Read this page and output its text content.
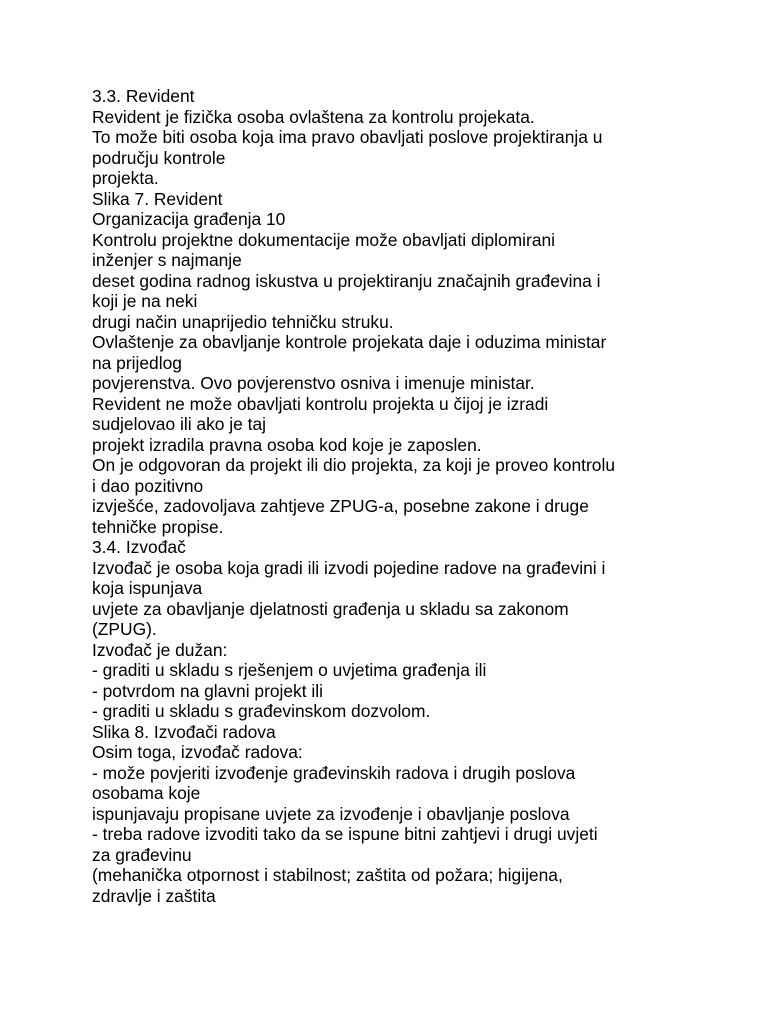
3.3. Revident
Revident je fizička osoba ovlaštena za kontrolu projekata.
To može biti osoba koja ima pravo obavljati poslove projektiranja u
području kontrole
projekta.
Slika 7. Revident
Organizacija građenja 10
Kontrolu projektne dokumentacije može obavljati diplomirani
inženjer s najmanje
deset godina radnog iskustva u projektiranju značajnih građevina i
koji je na neki
drugi način unaprijedio tehničku struku.
Ovlaštenje za obavljanje kontrole projekata daje i oduzima ministar
na prijedlog
povjerenstva. Ovo povjerenstvo osniva i imenuje ministar.
Revident ne može obavljati kontrolu projekta u čijoj je izradi
sudjelovao ili ako je taj
projekt izradila pravna osoba kod koje je zaposlen.
On je odgovoran da projekt ili dio projekta, za koji je proveo kontrolu
i dao pozitivno
izvješće, zadovoljava zahtjeve ZPUG-a, posebne zakone i druge
tehničke propise.
3.4. Izvođač
Izvođač je osoba koja gradi ili izvodi pojedine radove na građevini i
koja ispunjava
uvjete za obavljanje djelatnosti građenja u skladu sa zakonom
(ZPUG).
Izvođač je dužan:
- graditi u skladu s rješenjem o uvjetima građenja ili
- potvrdom na glavni projekt ili
- graditi u skladu s građevinskom dozvolom.
Slika 8. Izvođači radova
Osim toga, izvođač radova:
- može povjeriti izvođenje građevinskih radova i drugih poslova
osobama koje
ispunjavaju propisane uvjete za izvođenje i obavljanje poslova
- treba radove izvoditi tako da se ispune bitni zahtjevi i drugi uvjeti
za građevinu
(mehanička otpornost i stabilnost; zaštita od požara; higijena,
zdravlje i zaštita
